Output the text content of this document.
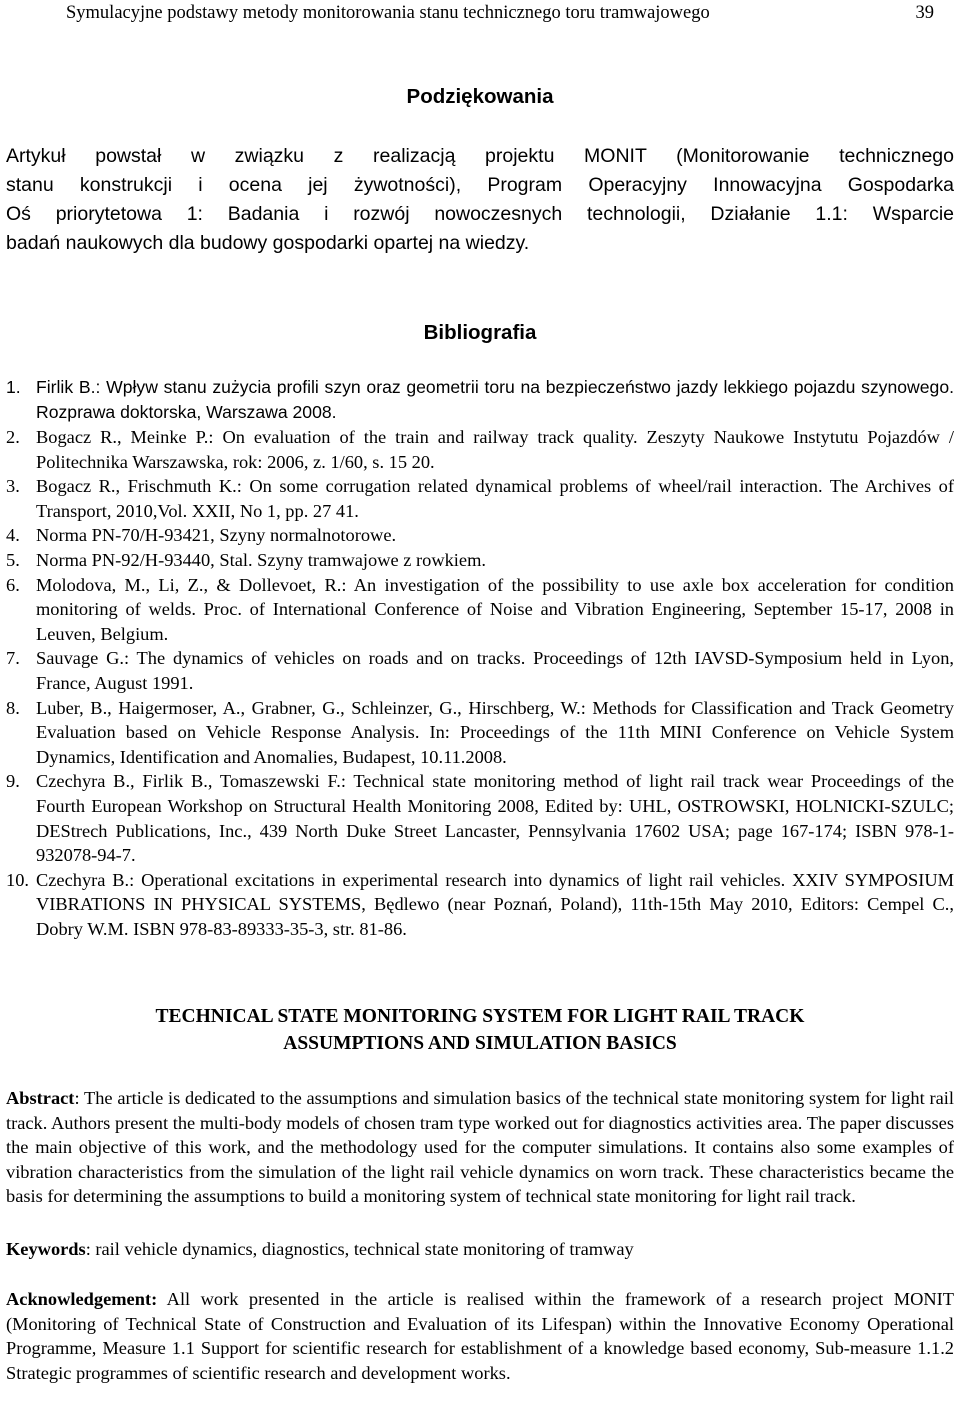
Symulacyjne podstawy metody monitorowania stanu technicznego toru tramwajowego	39
Podziękowania
Artykuł powstał w związku z realizacją projektu MONIT (Monitorowanie technicznego
stanu konstrukcji i ocena jej żywotności), Program Operacyjny Innowacyjna Gospodarka
Oś priorytetowa 1: Badania i rozwój nowoczesnych technologii, Działanie 1.1: Wsparcie
badań naukowych dla budowy gospodarki opartej na wiedzy.
Bibliografia
1. Firlik B.: Wpływ stanu zużycia profili szyn oraz geometrii toru na bezpieczeństwo jazdy lekkiego pojazdu szynowego. Rozprawa doktorska, Warszawa 2008.
2. Bogacz R., Meinke P.: On evaluation of the train and railway track quality. Zeszyty Naukowe Instytutu Pojazdów / Politechnika Warszawska, rok: 2006, z. 1/60, s. 15 20.
3. Bogacz R., Frischmuth K.: On some corrugation related dynamical problems of wheel/rail interaction. The Archives of Transport, 2010,Vol. XXII, No 1, pp. 27 41.
4. Norma PN-70/H-93421, Szyny normalnotorowe.
5. Norma PN-92/H-93440, Stal. Szyny tramwajowe z rowkiem.
6. Molodova, M., Li, Z., & Dollevoet, R.: An investigation of the possibility to use axle box acceleration for condition monitoring of welds. Proc. of International Conference of Noise and Vibration Engineering, September 15-17, 2008 in Leuven, Belgium.
7. Sauvage G.: The dynamics of vehicles on roads and on tracks. Proceedings of 12th IAVSD-Symposium held in Lyon, France, August 1991.
8. Luber, B., Haigermoser, A., Grabner, G., Schleinzer, G., Hirschberg, W.: Methods for Classification and Track Geometry Evaluation based on Vehicle Response Analysis. In: Proceedings of the 11th MINI Conference on Vehicle System Dynamics, Identification and Anomalies, Budapest, 10.11.2008.
9. Czechyra B., Firlik B., Tomaszewski F.: Technical state monitoring method of light rail track wear Proceedings of the Fourth European Workshop on Structural Health Monitoring 2008, Edited by: UHL, OSTROWSKI, HOLNICKI-SZULC; DEStrech Publications, Inc., 439 North Duke Street Lancaster, Pennsylvania 17602 USA; page 167-174; ISBN 978-1-932078-94-7.
10. Czechyra B.: Operational excitations in experimental research into dynamics of light rail vehicles. XXIV SYMPOSIUM VIBRATIONS IN PHYSICAL SYSTEMS, Będlewo (near Poznań, Poland), 11th-15th May 2010, Editors: Cempel C., Dobry W.M. ISBN 978-83-89333-35-3, str. 81-86.
TECHNICAL STATE MONITORING SYSTEM FOR LIGHT RAIL TRACK
ASSUMPTIONS AND SIMULATION BASICS
Abstract: The article is dedicated to the assumptions and simulation basics of the technical state monitoring system for light rail track. Authors present the multi-body models of chosen tram type worked out for diagnostics activities area. The paper discusses the main objective of this work, and the methodology used for the computer simulations. It contains also some examples of vibration characteristics from the simulation of the light rail vehicle dynamics on worn track. These characteristics became the basis for determining the assumptions to build a monitoring system of technical state monitoring for light rail track.
Keywords: rail vehicle dynamics, diagnostics, technical state monitoring of tramway
Acknowledgement: All work presented in the article is realised within the framework of a research project MONIT (Monitoring of Technical State of Construction and Evaluation of its Lifespan) within the Innovative Economy Operational Programme, Measure 1.1 Support for scientific research for establishment of a knowledge based economy, Sub-measure 1.1.2 Strategic programmes of scientific research and development works.
